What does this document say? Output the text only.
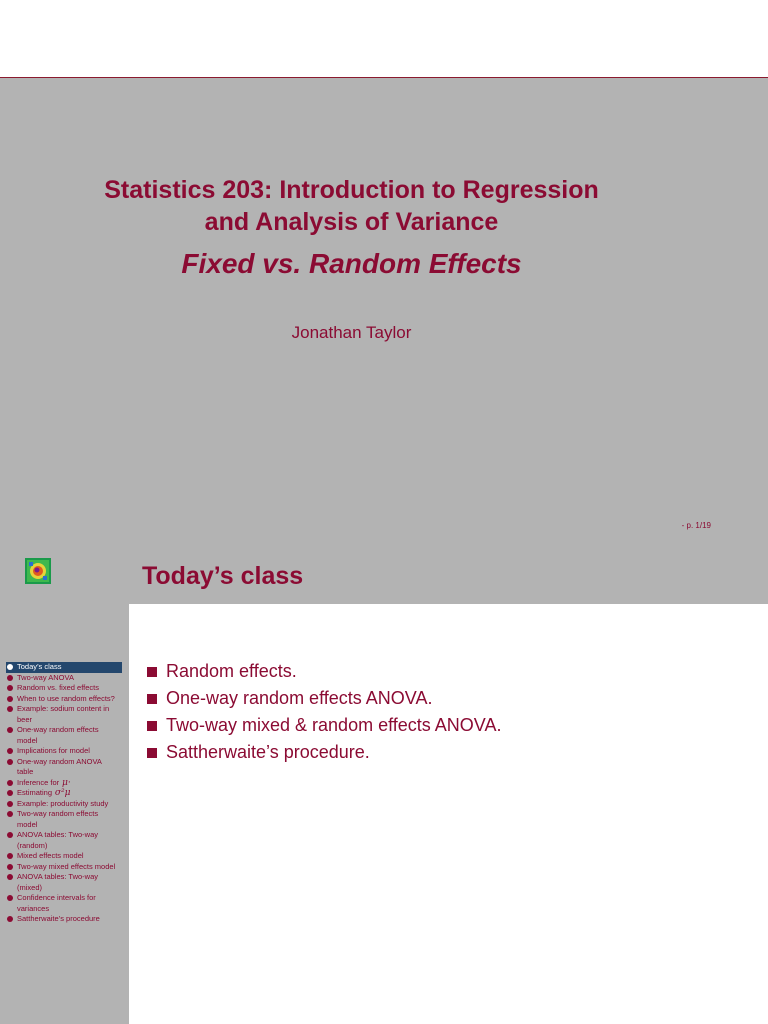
Statistics 203: Introduction to Regression
and Analysis of Variance
Fixed vs. Random Effects
Jonathan Taylor
- p. 1/19
Today’s class
Today’s class
Two-way ANOVA
Random vs. fixed effects
When to use random effects?
Example: sodium content in
beer
One-way random effects
model
Implications for model
One-way random ANOVA
table
Inference for μ·
Estimating σ²μ
Example: productivity study
Two-way random effects
model
ANOVA tables: Two-way
(random)
Mixed effects model
Two-way mixed effects model
ANOVA tables: Two-way
(mixed)
Confidence intervals for
variances
Sattherwaite’s procedure
Random effects.
One-way random effects ANOVA.
Two-way mixed & random effects ANOVA.
Sattherwaite’s procedure.
